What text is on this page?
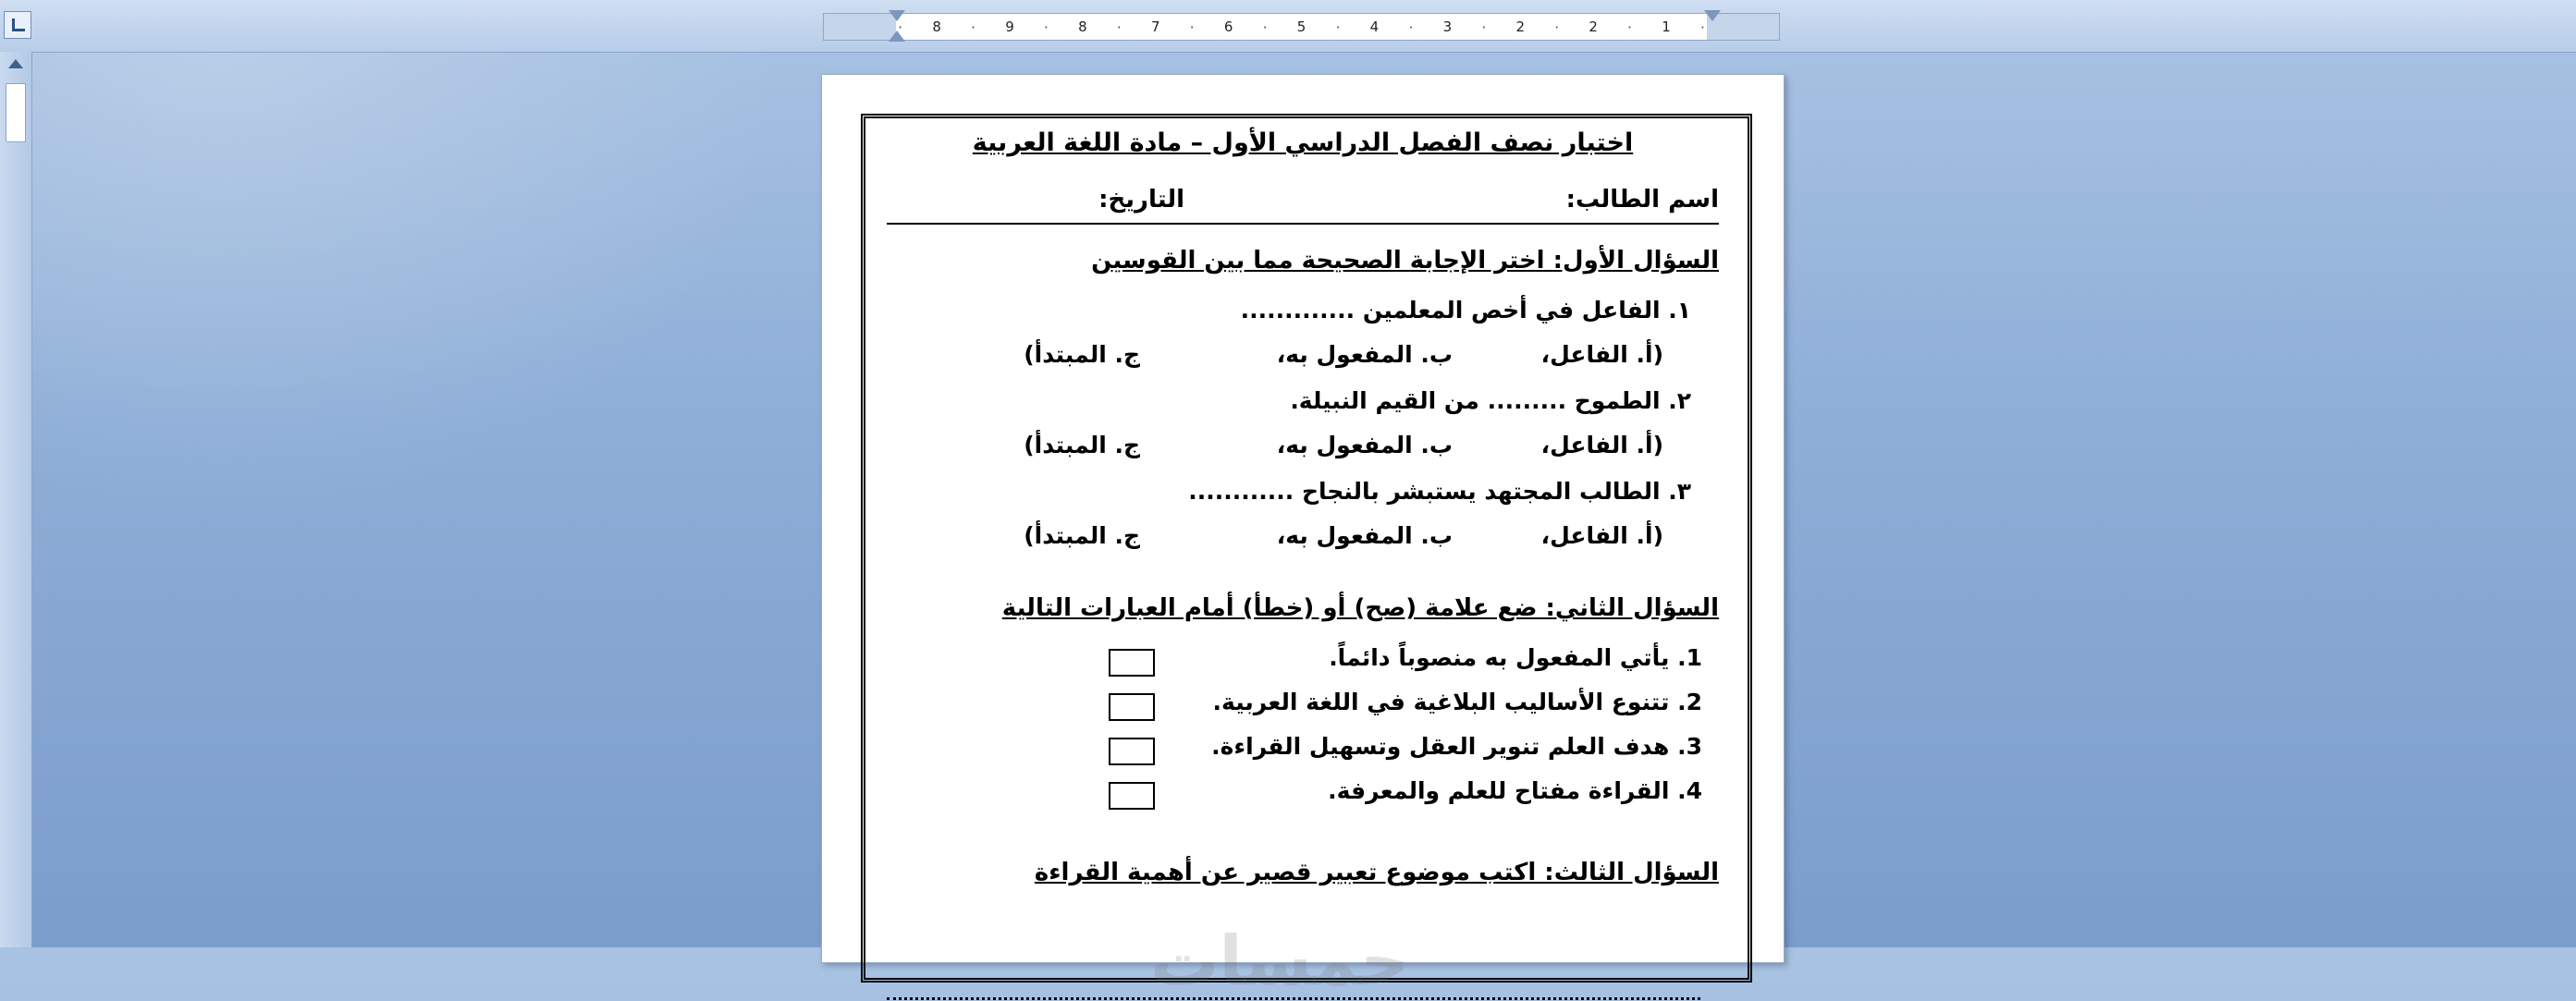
·
1
·
2
·
2
·
3
·
4
·
5
·
6
·
7
·
8
·
9
·
8
·
اختبار نصف الفصل الدراسي الأول – مادة اللغة العربية
اسم الطالب:
التاريخ:
السؤال الأول: اختر الإجابة الصحيحة مما بين القوسين
١. الفاعل في أخص المعلمين .............
(أ. الفاعل،
ب. المفعول به،
ج. المبتدأ)
٢. الطموح ......... من القيم النبيلة.
(أ. الفاعل،
ب. المفعول به،
ج. المبتدأ)
٣. الطالب المجتهد يستبشر بالنجاح ............
(أ. الفاعل،
ب. المفعول به،
ج. المبتدأ)
السؤال الثاني: ضع علامة (صح) أو (خطأ) أمام العبارات التالية
1. يأتي المفعول به منصوباً دائماً.
2. تتنوع الأساليب البلاغية في اللغة العربية.
3. هدف العلم تنوير العقل وتسهيل القراءة.
4. القراءة مفتاح للعلم والمعرفة.
السؤال الثالث: اكتب موضوع تعبير قصير عن أهمية القراءة
حمسات
